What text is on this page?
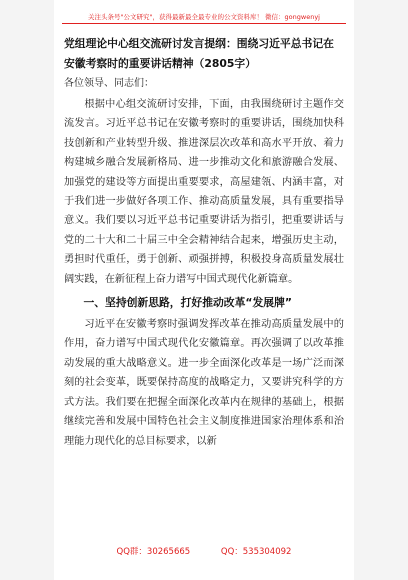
关注头条号"公文研究"，获得最新最全最专业的公文资料库！ 微信：gongwenyj
党组理论中心组交流研讨发言提纲：围绕习近平总书记在安徽考察时的重要讲话精神（2805字）
各位领导、同志们：

根据中心组交流研讨安排，下面，由我围绕研讨主题作交流发言。习近平总书记在安徽考察时的重要讲话，围绕加快科技创新和产业转型升级、推进深层次改革和高水平开放、着力构建城乡融合发展新格局、进一步推动文化和旅游融合发展、加强党的建设等方面提出重要要求，高屋建瓴、内涵丰富，对于我们进一步做好各项工作、推动高质量发展，具有重要指导意义。我们要以习近平总书记重要讲话为指引，把重要讲话与党的二十大和二十届三中全会精神结合起来，增强历史主动，勇担时代重任，勇于创新、顽强拼搏，积极投身高质量发展壮阔实践，在新征程上奋力谱写中国式现代化新篇章。

一、坚持创新思路，打好推动改革“发展牌”

习近平在安徽考察时强调发挥改革在推动高质量发展中的作用，奋力谱写中国式现代化安徽篇章。再次强调了以改革推动发展的重大战略意义。进一步全面深化改革是一场广泛而深刻的社会变革，既要保持高度的战略定力，又要讲究科学的方式方法。我们要在把握全面深化改革内在规律的基础上，根据继续完善和发展中国特色社会主义制度推进国家治理体系和治理能力现代化的总目标要求，以新

QQ群：30265665	QQ：535304092
